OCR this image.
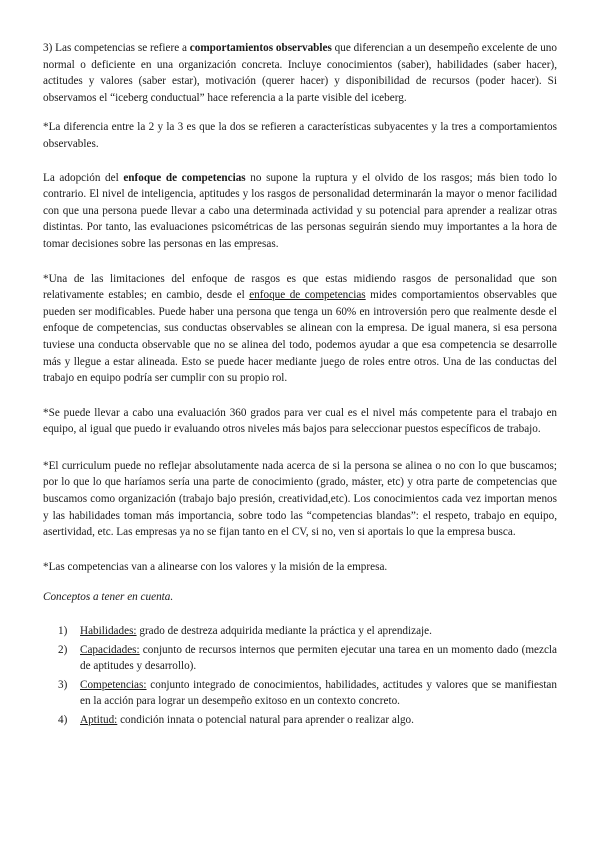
3) Las competencias se refiere a comportamientos observables que diferencian a un desempeño excelente de uno normal o deficiente en una organización concreta. Incluye conocimientos (saber), habilidades (saber hacer), actitudes y valores (saber estar), motivación (querer hacer) y disponibilidad de recursos (poder hacer). Si observamos el “iceberg conductual” hace referencia a la parte visible del iceberg.

*La diferencia entre la 2 y la 3 es que la dos se refieren a características subyacentes y la tres a comportamientos observables.

La adopción del enfoque de competencias no supone la ruptura y el olvido de los rasgos; más bien todo lo contrario. El nivel de inteligencia, aptitudes y los rasgos de personalidad determinarán la mayor o menor facilidad con que una persona puede llevar a cabo una determinada actividad y su potencial para aprender a realizar otras distintas. Por tanto, las evaluaciones psicométricas de las personas seguirán siendo muy importantes a la hora de tomar decisiones sobre las personas en las empresas.

*Una de las limitaciones del enfoque de rasgos es que estas midiendo rasgos de personalidad que son relativamente estables; en cambio, desde el enfoque de competencias mides comportamientos observables que pueden ser modificables. Puede haber una persona que tenga un 60% en introversión pero que realmente desde el enfoque de competencias, sus conductas observables se alinean con la empresa. De igual manera, si esa persona tuviese una conducta observable que no se alinea del todo, podemos ayudar a que esa competencia se desarrolle más y llegue a estar alineada. Esto se puede hacer mediante juego de roles entre otros. Una de las conductas del trabajo en equipo podría ser cumplir con su propio rol.

*Se puede llevar a cabo una evaluación 360 grados para ver cual es el nivel más competente para el trabajo en equipo, al igual que puedo ir evaluando otros niveles más bajos para seleccionar puestos específicos de trabajo.

*El curriculum puede no reflejar absolutamente nada acerca de si la persona se alinea o no con lo que buscamos; por lo que lo que haríamos sería una parte de conocimiento (grado, máster, etc) y otra parte de competencias que buscamos como organización (trabajo bajo presión, creatividad,etc). Los conocimientos cada vez importan menos y las habilidades toman más importancia, sobre todo las “competencias blandas”: el respeto, trabajo en equipo, asertividad, etc. Las empresas ya no se fijan tanto en el CV, si no, ven si aportais lo que la empresa busca.

*Las competencias van a alinearse con los valores y la misión de la empresa.

Conceptos a tener en cuenta.

1) Habilidades: grado de destreza adquirida mediante la práctica y el aprendizaje.
2) Capacidades: conjunto de recursos internos que permiten ejecutar una tarea en un momento dado (mezcla de aptitudes y desarrollo).
3) Competencias: conjunto integrado de conocimientos, habilidades, actitudes y valores que se manifiestan en la acción para lograr un desempeño exitoso en un contexto concreto.
4) Aptitud: condición innata o potencial natural para aprender o realizar algo.
